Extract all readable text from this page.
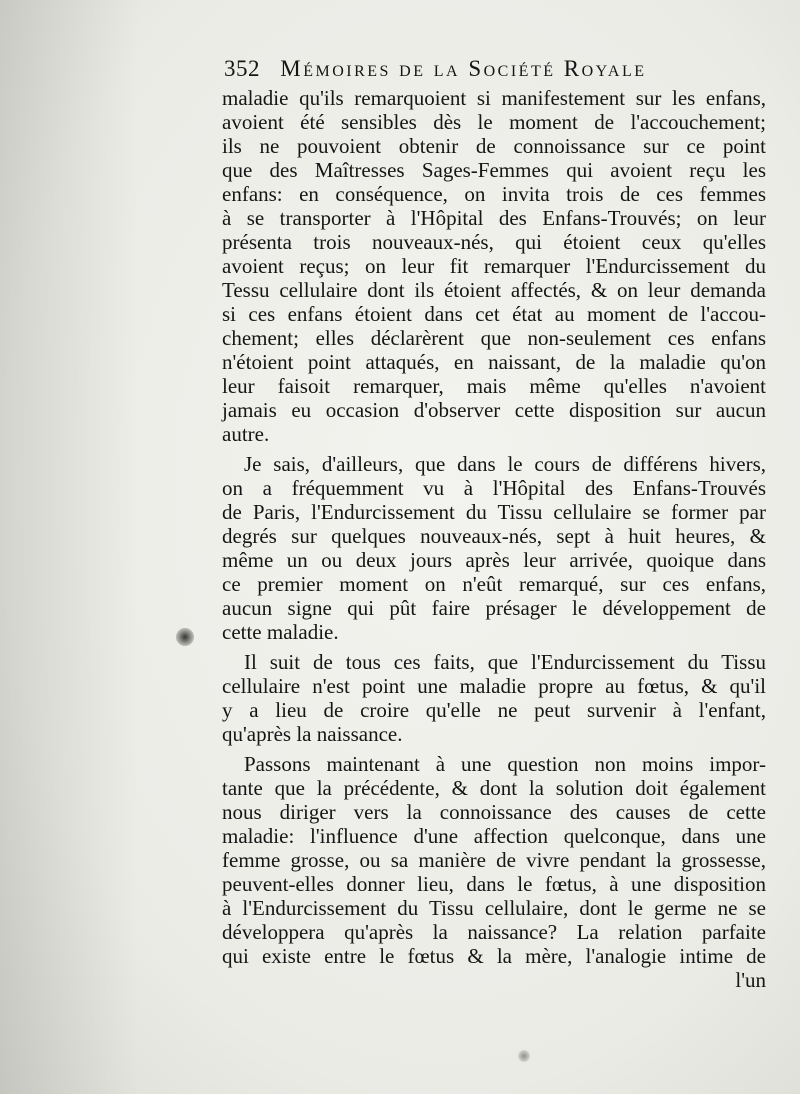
352 Mémoires de la Société Royale
maladie qu'ils remarquoient si manifestement sur les enfans,
avoient été sensibles dès le moment de l'accouchement;
ils ne pouvoient obtenir de connoissance sur ce point
que des Maîtresses Sages-Femmes qui avoient reçu les
enfans: en conséquence, on invita trois de ces femmes
à se transporter à l'Hôpital des Enfans-Trouvés; on leur
présenta trois nouveaux-nés, qui étoient ceux qu'elles
avoient reçus; on leur fit remarquer l'Endurcissement du
Tessu cellulaire dont ils étoient affectés, & on leur demanda
si ces enfans étoient dans cet état au moment de l'accou-
chement; elles déclarèrent que non-seulement ces enfans
n'étoient point attaqués, en naissant, de la maladie qu'on
leur faisoit remarquer, mais même qu'elles n'avoient
jamais eu occasion d'observer cette disposition sur aucun
autre.
Je sais, d'ailleurs, que dans le cours de différens hivers,
on a fréquemment vu à l'Hôpital des Enfans-Trouvés
de Paris, l'Endurcissement du Tissu cellulaire se former par
degrés sur quelques nouveaux-nés, sept à huit heures, &
même un ou deux jours après leur arrivée, quoique dans
ce premier moment on n'eût remarqué, sur ces enfans,
aucun signe qui pût faire présager le développement de
cette maladie.
Il suit de tous ces faits, que l'Endurcissement du Tissu
cellulaire n'est point une maladie propre au fœtus, & qu'il
y a lieu de croire qu'elle ne peut survenir à l'enfant,
qu'après la naissance.
Passons maintenant à une question non moins impor-
tante que la précédente, & dont la solution doit également
nous diriger vers la connoissance des causes de cette
maladie: l'influence d'une affection quelconque, dans une
femme grosse, ou sa manière de vivre pendant la grossesse,
peuvent-elles donner lieu, dans le fœtus, à une disposition
à l'Endurcissement du Tissu cellulaire, dont le germe ne se
développera qu'après la naissance? La relation parfaite
qui existe entre le fœtus & la mère, l'analogie intime de
l'un
